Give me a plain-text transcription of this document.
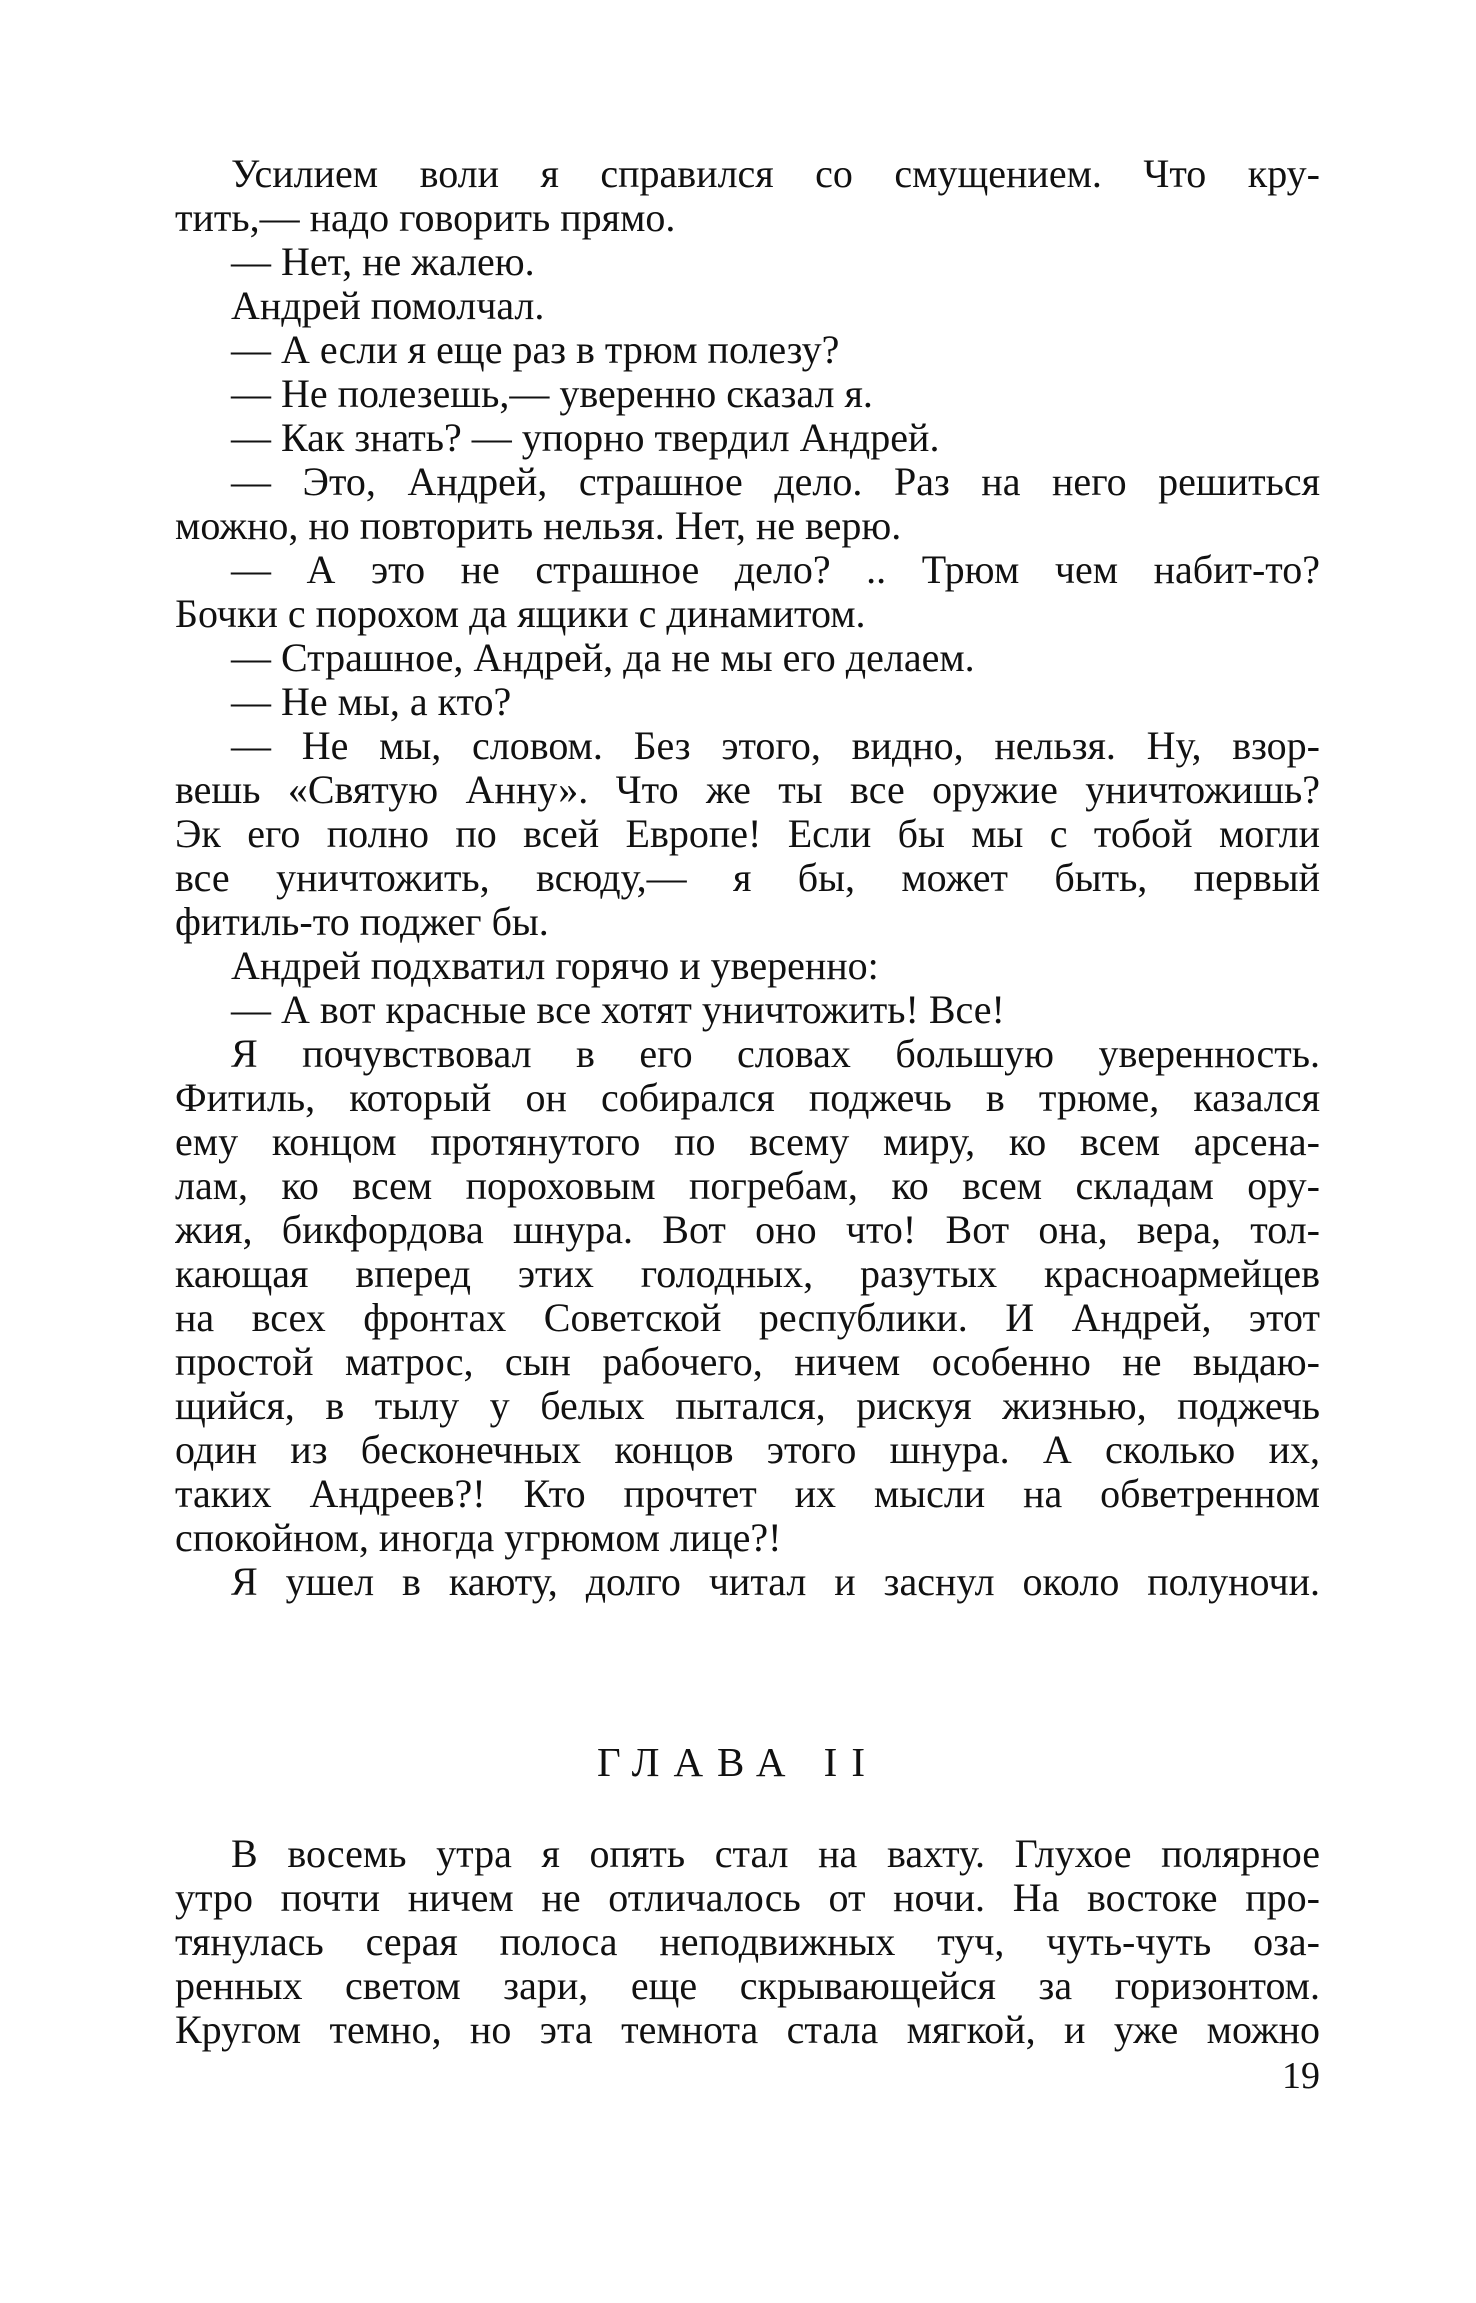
Усилием воли я справился со смущением. Что кру-
тить,— надо говорить прямо.
— Нет, не жалею.
Андрей помолчал.
— А если я еще раз в трюм полезу?
— Не полезешь,— уверенно сказал я.
— Как знать? — упорно твердил Андрей.
— Это, Андрей, страшное дело. Раз на него решиться
можно, но повторить нельзя. Нет, не верю.
— А это не страшное дело? .. Трюм чем набит-то?
Бочки с порохом да ящики с динамитом.
— Страшное, Андрей, да не мы его делаем.
— Не мы, а кто?
— Не мы, словом. Без этого, видно, нельзя. Ну, взор-
вешь «Святую Анну». Что же ты все оружие уничтожишь?
Эк его полно по всей Европе! Если бы мы с тобой могли
все уничтожить, всюду,— я бы, может быть, первый
фитиль-то поджег бы.
Андрей подхватил горячо и уверенно:
— А вот красные все хотят уничтожить! Все!
Я почувствовал в его словах большую уверенность.
Фитиль, который он собирался поджечь в трюме, казался
ему концом протянутого по всему миру, ко всем арсена-
лам, ко всем пороховым погребам, ко всем складам ору-
жия, бикфордова шнура. Вот оно что! Вот она, вера, тол-
кающая вперед этих голодных, разутых красноармейцев
на всех фронтах Советской республики. И Андрей, этот
простой матрос, сын рабочего, ничем особенно не выдаю-
щийся, в тылу у белых пытался, рискуя жизнью, поджечь
один из бесконечных концов этого шнура. А сколько их,
таких Андреев?! Кто прочтет их мысли на обветренном
спокойном, иногда угрюмом лице?!
Я ушел в каюту, долго читал и заснул около полуночи.
ГЛАВА II
В восемь утра я опять стал на вахту. Глухое полярное
утро почти ничем не отличалось от ночи. На востоке про-
тянулась серая полоса неподвижных туч, чуть-чуть оза-
ренных светом зари, еще скрывающейся за горизонтом.
Кругом темно, но эта темнота стала мягкой, и уже можно
19
